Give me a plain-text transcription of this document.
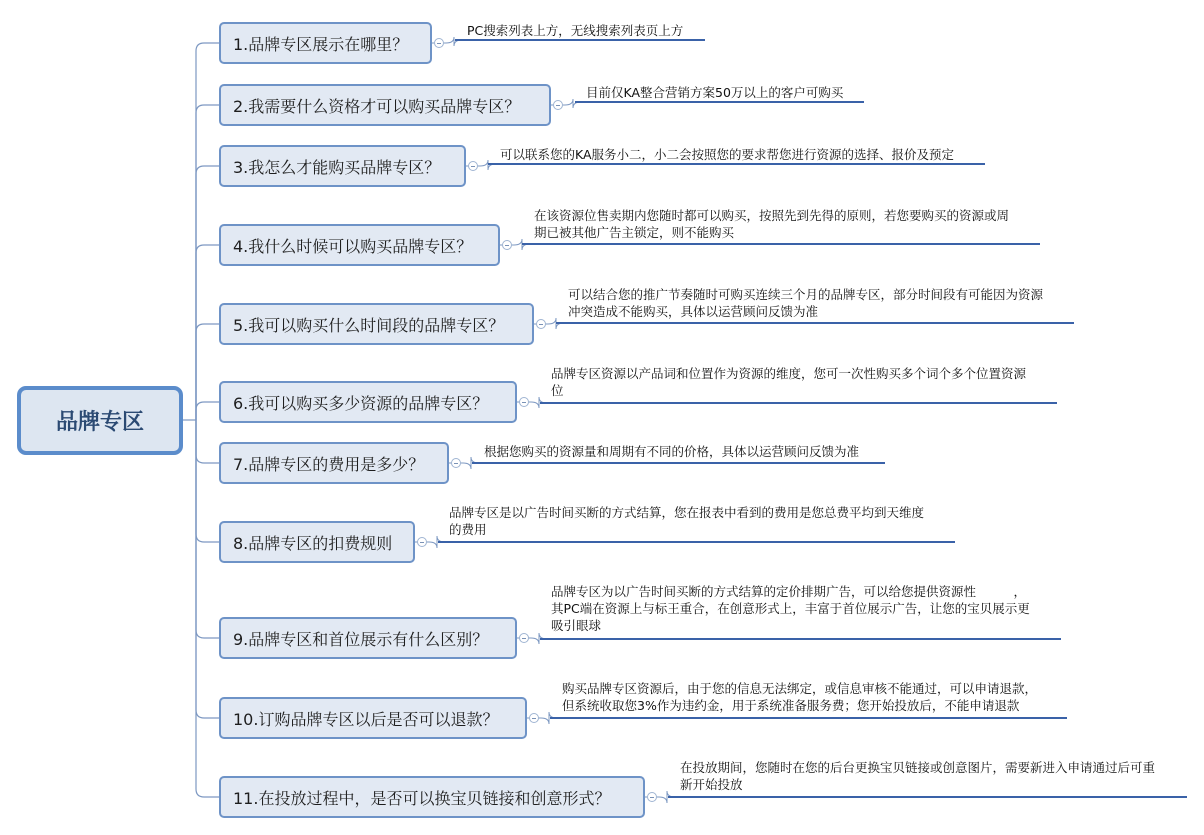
品牌专区
1.品牌专区展示在哪里？
PC搜索列表上方，无线搜索列表页上方
2.我需要什么资格才可以购买品牌专区？
目前仅KA整合营销方案50万以上的客户可购买
3.我怎么才能购买品牌专区？
可以联系您的KA服务小二，小二会按照您的要求帮您进行资源的选择、报价及预定
4.我什么时候可以购买品牌专区？
在该资源位售卖期内您随时都可以购买，按照先到先得的原则，若您要购买的资源或周
期已被其他广告主锁定，则不能购买
5.我可以购买什么时间段的品牌专区？
可以结合您的推广节奏随时可购买连续三个月的品牌专区，部分时间段有可能因为资源
冲突造成不能购买，具体以运营顾问反馈为准
6.我可以购买多少资源的品牌专区？
品牌专区资源以产品词和位置作为资源的维度，您可一次性购买多个词个多个位置资源
位
7.品牌专区的费用是多少？
根据您购买的资源量和周期有不同的价格，具体以运营顾问反馈为准
8.品牌专区的扣费规则
品牌专区是以广告时间买断的方式结算，您在报表中看到的费用是您总费平均到天维度
的费用
9.品牌专区和首位展示有什么区别？
品牌专区为以广告时间买断的方式结算的定价排期广告，可以给您提供资源性　　　，
其PC端在资源上与标王重合，在创意形式上，丰富于首位展示广告，让您的宝贝展示更
吸引眼球
10.订购品牌专区以后是否可以退款？
购买品牌专区资源后，由于您的信息无法绑定，或信息审核不能通过，可以申请退款，
但系统收取您3%作为违约金，用于系统准备服务费；您开始投放后，不能申请退款
11.在投放过程中，是否可以换宝贝链接和创意形式？
在投放期间，您随时在您的后台更换宝贝链接或创意图片，需要新进入申请通过后可重
新开始投放
